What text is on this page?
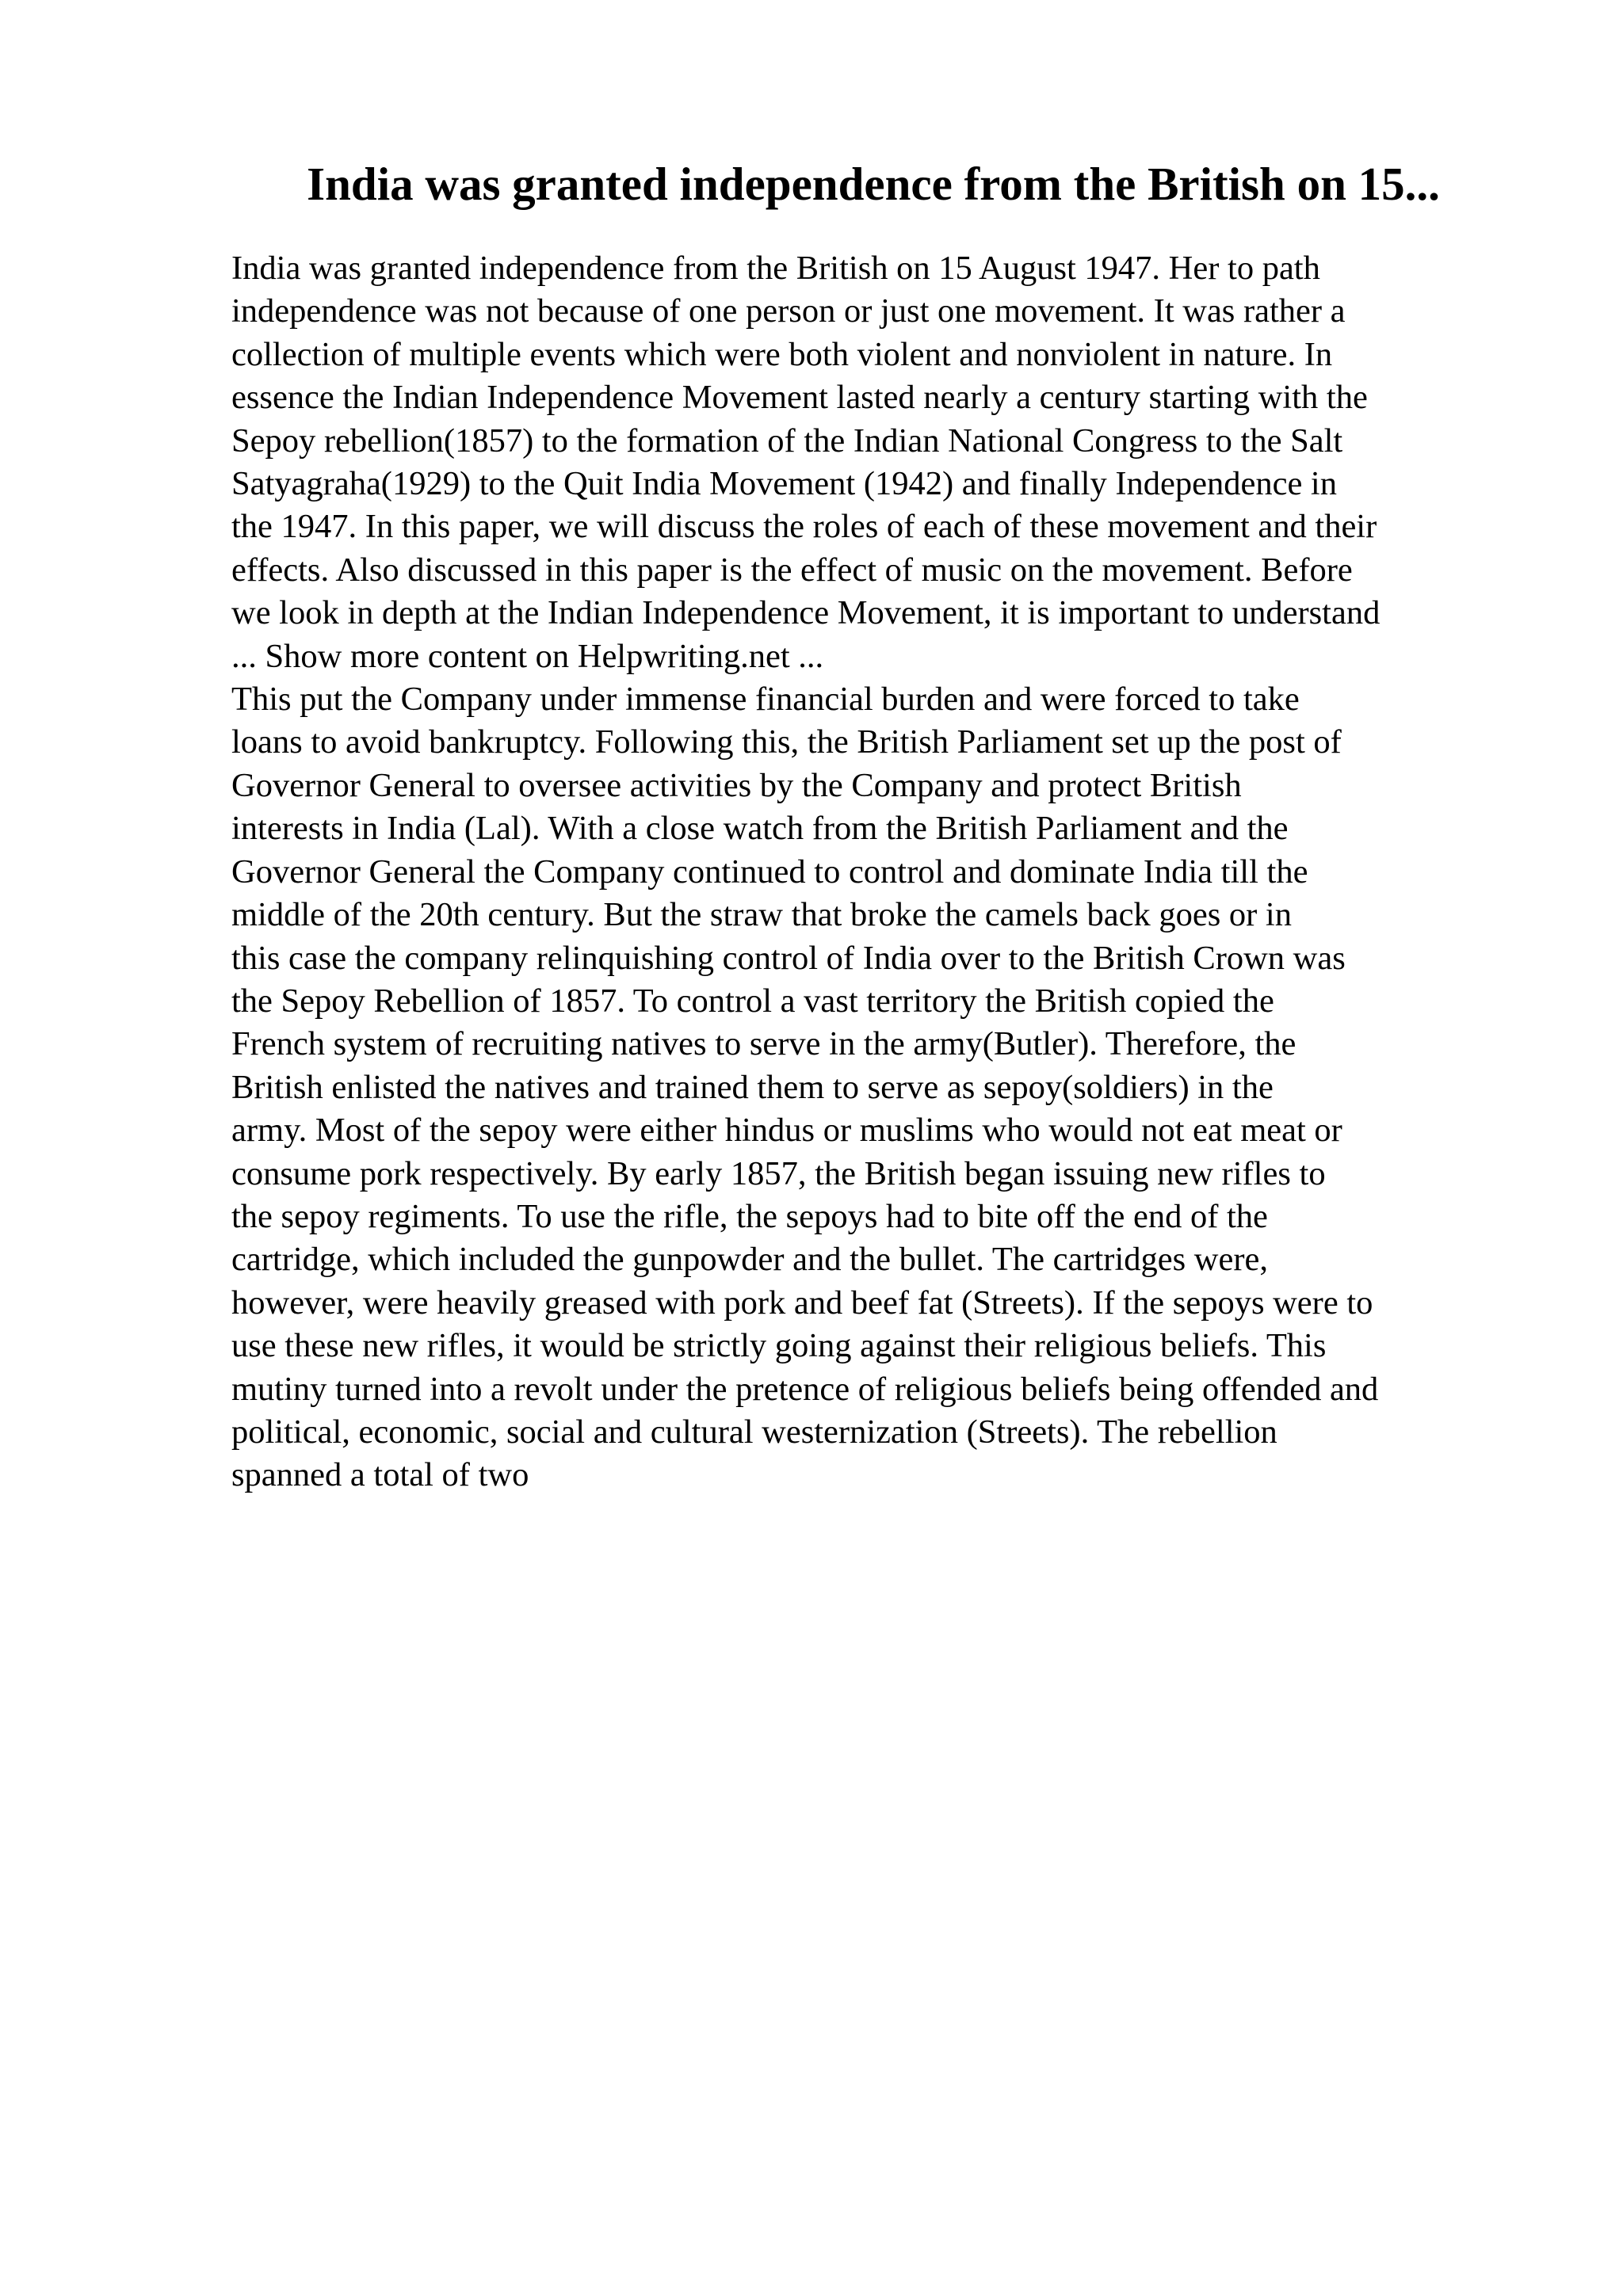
India was granted independence from the British on 15...
India was granted independence from the British on 15 August 1947. Her to path
independence was not because of one person or just one movement. It was rather a
collection of multiple events which were both violent and nonviolent in nature. In
essence the Indian Independence Movement lasted nearly a century starting with the
Sepoy rebellion(1857) to the formation of the Indian National Congress to the Salt
Satyagraha(1929) to the Quit India Movement (1942) and finally Independence in
the 1947. In this paper, we will discuss the roles of each of these movement and their
effects. Also discussed in this paper is the effect of music on the movement. Before
we look in depth at the Indian Independence Movement, it is important to understand
... Show more content on Helpwriting.net ...
This put the Company under immense financial burden and were forced to take
loans to avoid bankruptcy. Following this, the British Parliament set up the post of
Governor General to oversee activities by the Company and protect British
interests in India (Lal). With a close watch from the British Parliament and the
Governor General the Company continued to control and dominate India till the
middle of the 20th century. But the straw that broke the camels back goes or in
this case the company relinquishing control of India over to the British Crown was
the Sepoy Rebellion of 1857. To control a vast territory the British copied the
French system of recruiting natives to serve in the army(Butler). Therefore, the
British enlisted the natives and trained them to serve as sepoy(soldiers) in the
army. Most of the sepoy were either hindus or muslims who would not eat meat or
consume pork respectively. By early 1857, the British began issuing new rifles to
the sepoy regiments. To use the rifle, the sepoys had to bite off the end of the
cartridge, which included the gunpowder and the bullet. The cartridges were,
however, were heavily greased with pork and beef fat (Streets). If the sepoys were to
use these new rifles, it would be strictly going against their religious beliefs. This
mutiny turned into a revolt under the pretence of religious beliefs being offended and
political, economic, social and cultural westernization (Streets). The rebellion
spanned a total of two
